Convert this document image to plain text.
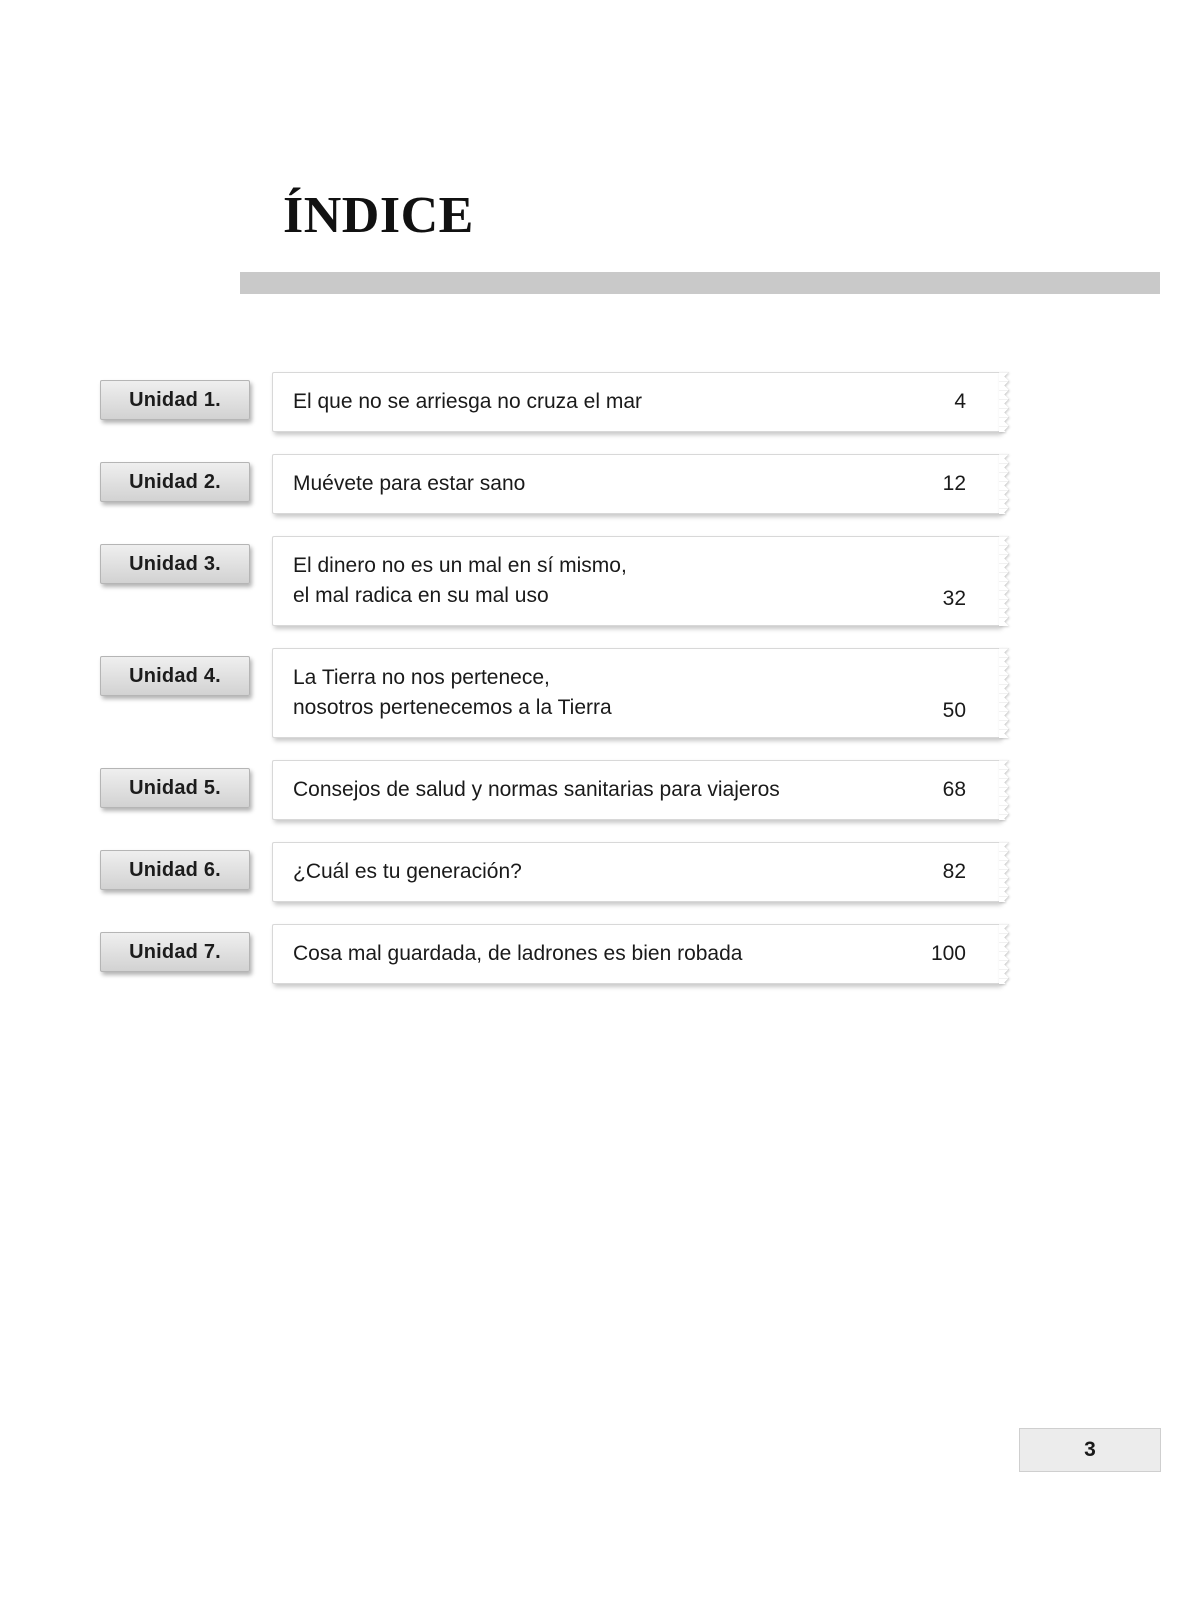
ÍNDICE
Unidad 1.	El que no se arriesga no cruza el mar	4
Unidad 2.	Muévete para estar sano	12
Unidad 3.	El dinero no es un mal en sí mismo,
el mal radica en su mal uso	32
Unidad 4.	La Tierra no nos pertenece,
nosotros pertenecemos a la Tierra	50
Unidad 5.	Consejos de salud y normas sanitarias para viajeros	68
Unidad 6.	¿Cuál es tu generación?	82
Unidad 7.	Cosa mal guardada, de ladrones es bien robada	100
3
